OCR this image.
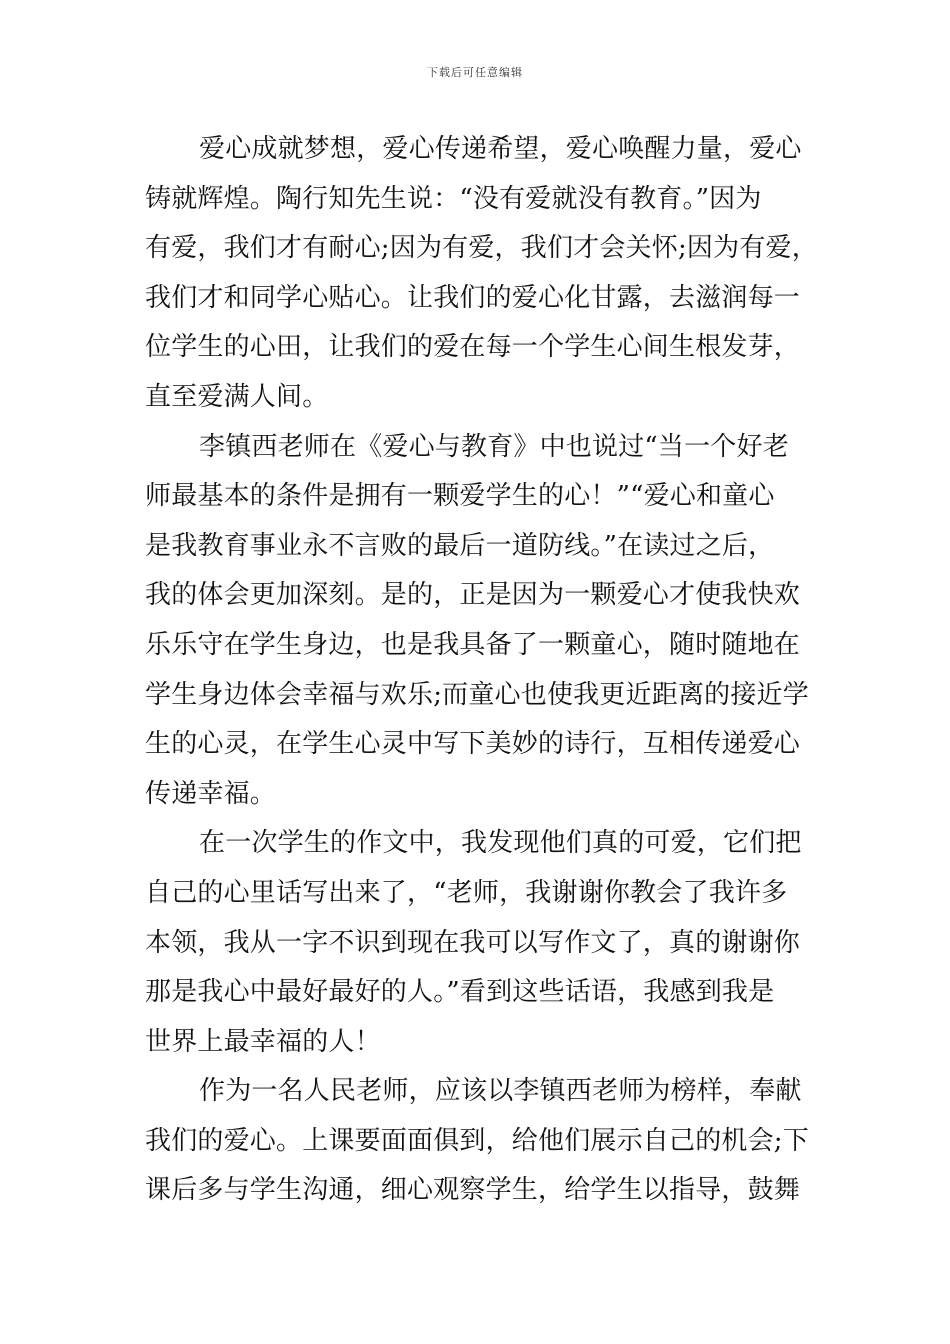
下载后可任意编辑
爱心成就梦想，爱心传递希望，爱心唤醒力量，爱心
铸就辉煌。陶行知先生说：“没有爱就没有教育。”因为
有爱，我们才有耐心;因为有爱，我们才会关怀;因为有爱，
我们才和同学心贴心。让我们的爱心化甘露，去滋润每一
位学生的心田，让我们的爱在每一个学生心间生根发芽，
直至爱满人间。
李镇西老师在《爱心与教育》中也说过“当一个好老
师最基本的条件是拥有一颗爱学生的心！”“爱心和童心
是我教育事业永不言败的最后一道防线。”在读过之后，
我的体会更加深刻。是的，正是因为一颗爱心才使我快欢
乐乐守在学生身边，也是我具备了一颗童心，随时随地在
学生身边体会幸福与欢乐;而童心也使我更近距离的接近学
生的心灵，在学生心灵中写下美妙的诗行，互相传递爱心
传递幸福。
在一次学生的作文中，我发现他们真的可爱，它们把
自己的心里话写出来了，“老师，我谢谢你教会了我许多
本领，我从一字不识到现在我可以写作文了，真的谢谢你
那是我心中最好最好的人。”看到这些话语，我感到我是
世界上最幸福的人！
作为一名人民老师，应该以李镇西老师为榜样，奉献
我们的爱心。上课要面面俱到，给他们展示自己的机会;下
课后多与学生沟通，细心观察学生，给学生以指导，鼓舞
